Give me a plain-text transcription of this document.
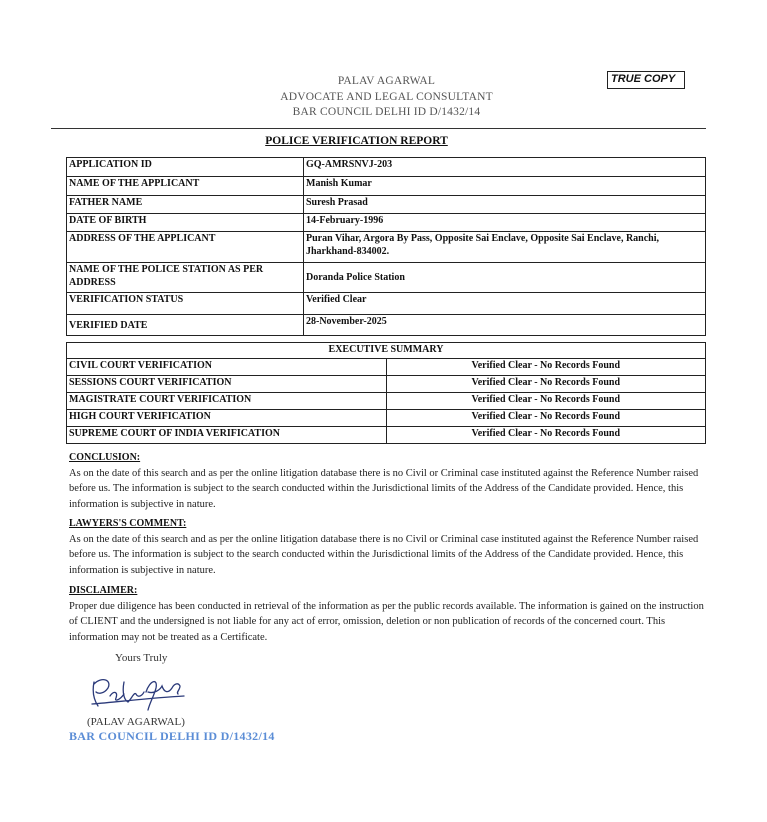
PALAV AGARWAL
ADVOCATE AND LEGAL CONSULTANT
BAR COUNCIL DELHI ID D/1432/14
TRUE COPY
POLICE VERIFICATION REPORT
APPLICATION ID	GQ-AMRSNVJ-203
NAME OF THE APPLICANT	Manish Kumar
FATHER NAME	Suresh Prasad
DATE OF BIRTH	14-February-1996
ADDRESS OF THE APPLICANT	Puran Vihar, Argora By Pass, Opposite Sai Enclave, Opposite Sai Enclave, Ranchi, Jharkhand-834002.
NAME OF THE POLICE STATION AS PER ADDRESS	Doranda Police Station
VERIFICATION STATUS	Verified Clear
VERIFIED DATE	28-November-2025
EXECUTIVE SUMMARY	
CIVIL COURT VERIFICATION	Verified Clear - No Records Found
SESSIONS COURT VERIFICATION	Verified Clear - No Records Found
MAGISTRATE COURT VERIFICATION	Verified Clear - No Records Found
HIGH COURT VERIFICATION	Verified Clear - No Records Found
SUPREME COURT OF INDIA VERIFICATION	Verified Clear - No Records Found
CONCLUSION:
As on the date of this search and as per the online litigation database there is no Civil or Criminal case instituted against the Reference Number raised before us. The information is subject to the search conducted within the Jurisdictional limits of the Address of the Candidate provided. Hence, this information is subjective in nature.
LAWYERS'S COMMENT:
As on the date of this search and as per the online litigation database there is no Civil or Criminal case instituted against the Reference Number raised before us. The information is subject to the search conducted within the Jurisdictional limits of the Address of the Candidate provided. Hence, this information is subjective in nature.
DISCLAIMER:
Proper due diligence has been conducted in retrieval of the information as per the public records available. The information is gained on the instruction of CLIENT and the undersigned is not liable for any act of error, omission, deletion or non publication of records of the concerned court. This information may not be treated as a Certificate.
Yours Truly
(PALAV AGARWAL)
BAR COUNCIL DELHI ID D/1432/14
